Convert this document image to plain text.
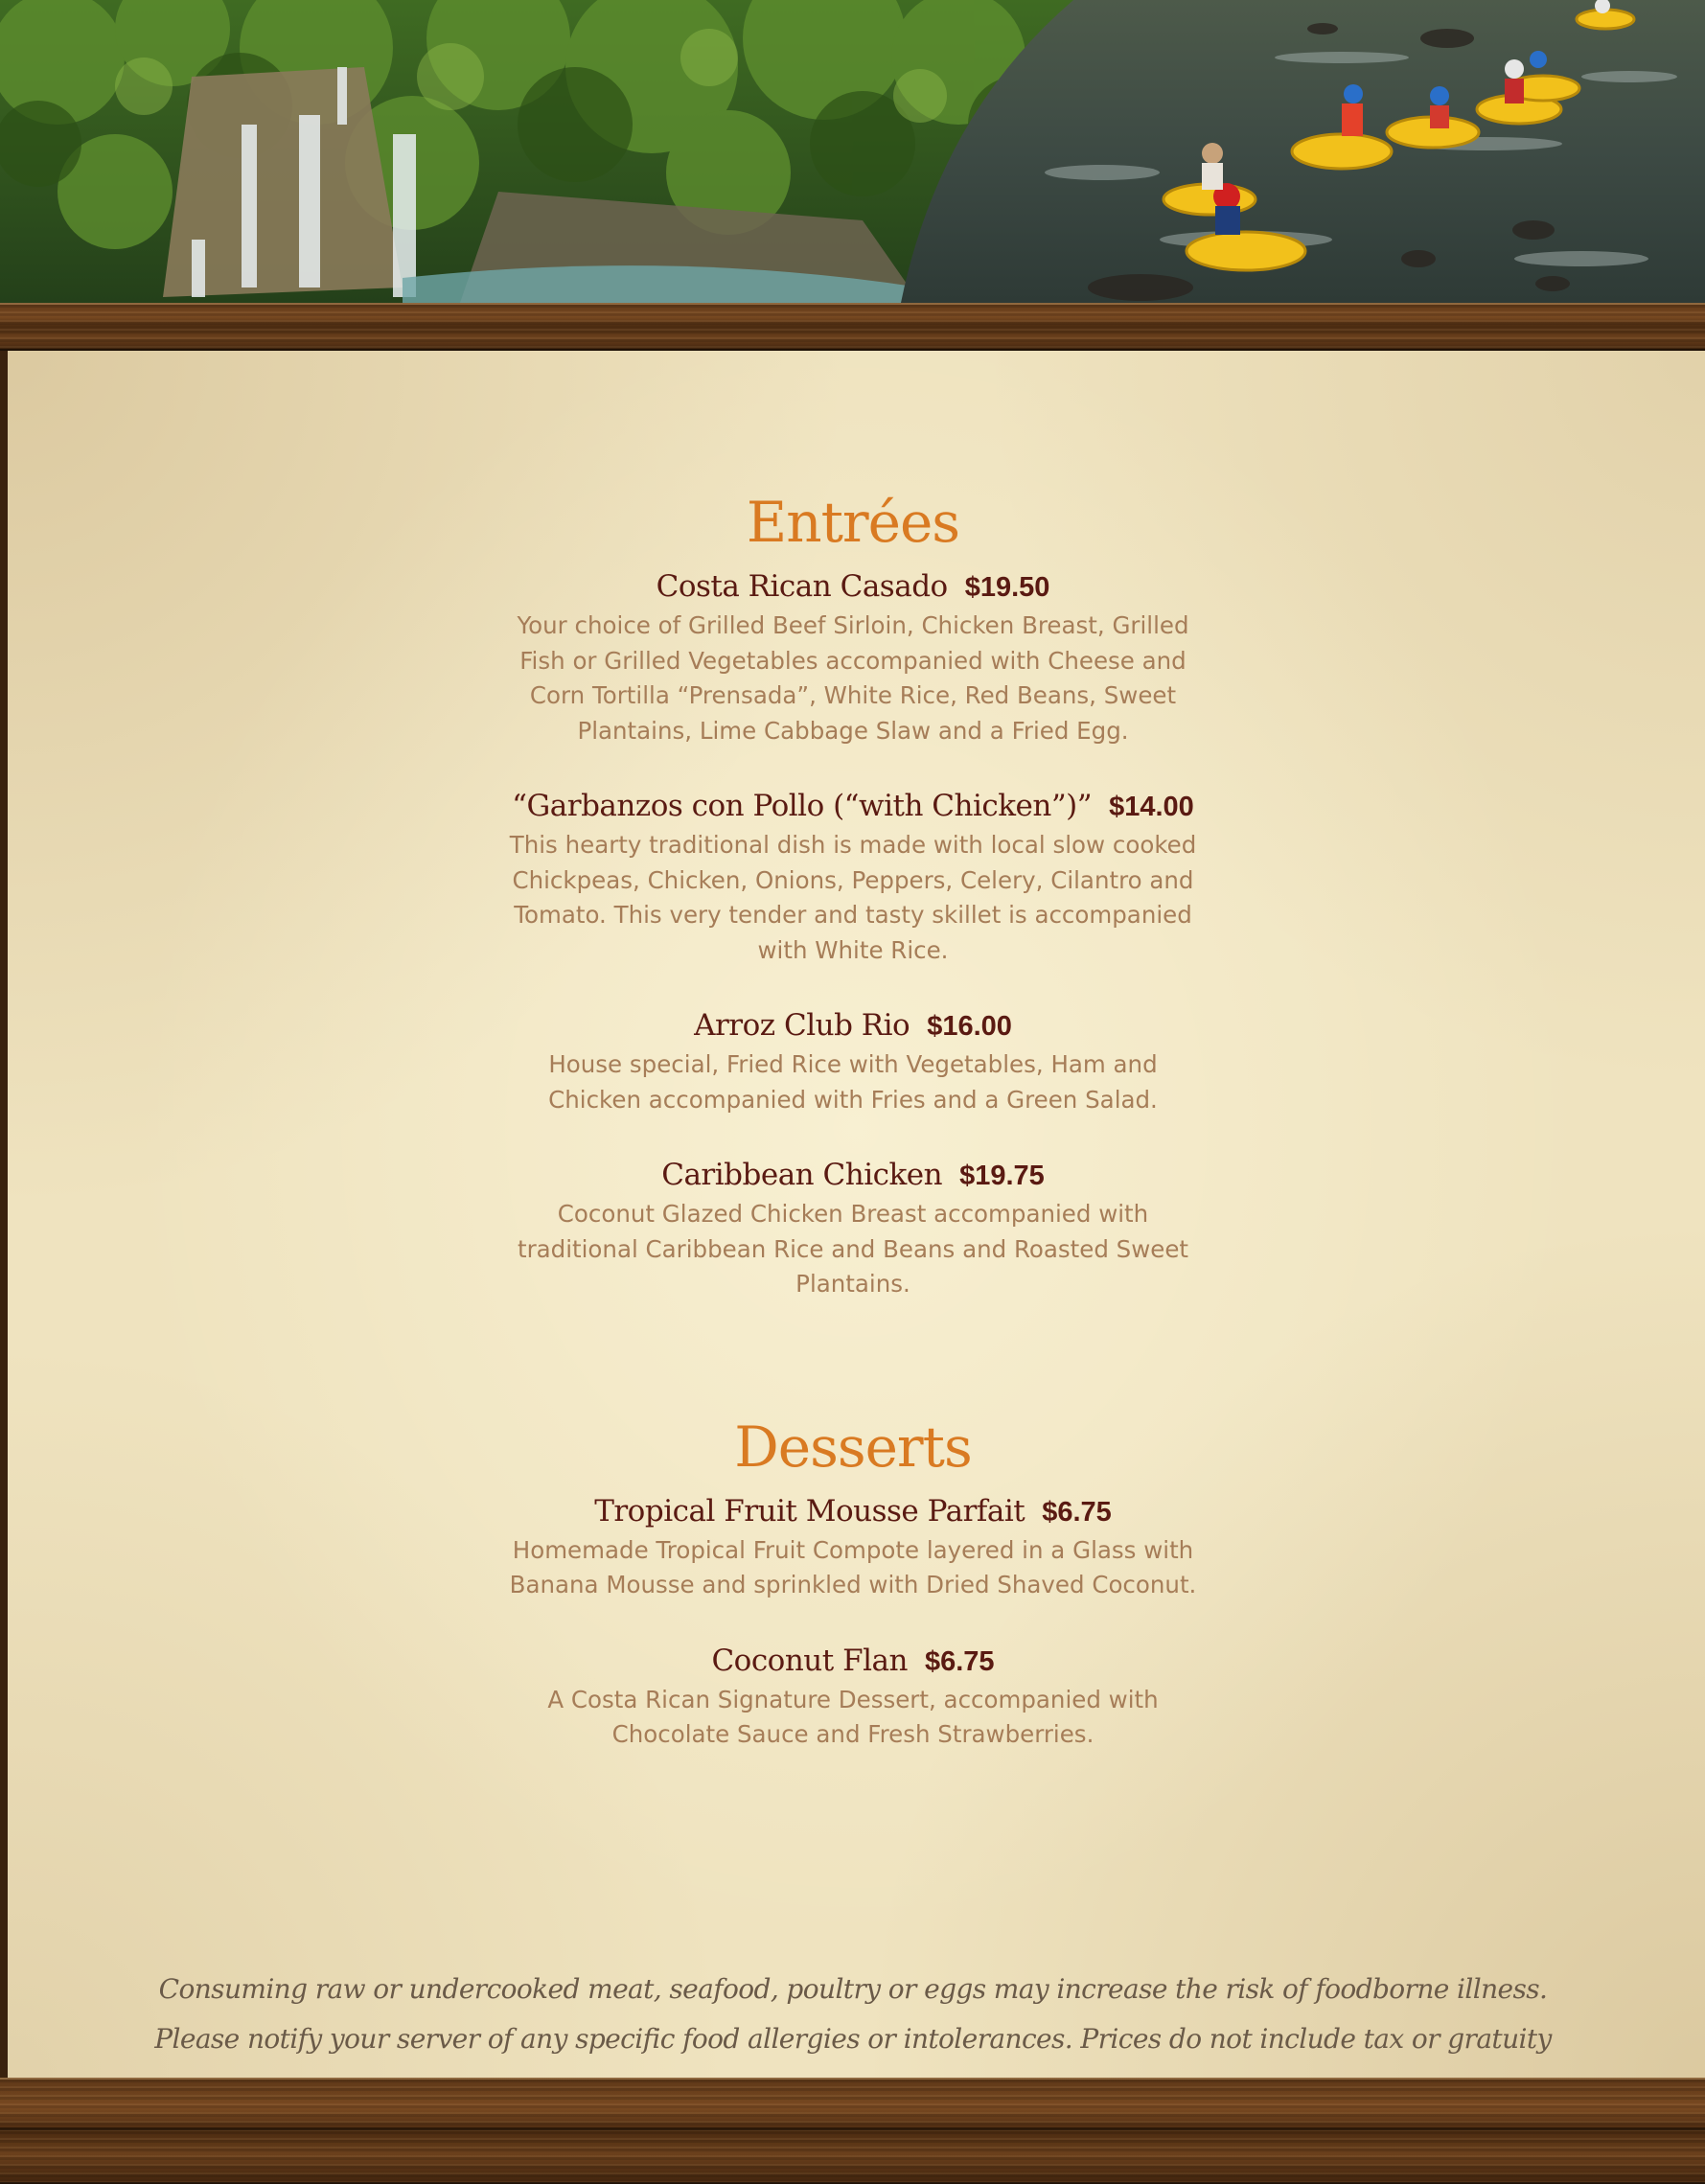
Entrées
Costa Rican Casado $19.50
Your choice of Grilled Beef Sirloin, Chicken Breast, Grilled Fish or Grilled Vegetables accompanied with Cheese and Corn Tortilla “Prensada”, White Rice, Red Beans, Sweet Plantains, Lime Cabbage Slaw and a Fried Egg.
“Garbanzos con Pollo (“with Chicken”)” $14.00
This hearty traditional dish is made with local slow cooked Chickpeas, Chicken, Onions, Peppers, Celery, Cilantro and Tomato. This very tender and tasty skillet is accompanied with White Rice.
Arroz Club Rio $16.00
House special, Fried Rice with Vegetables, Ham and Chicken accompanied with Fries and a Green Salad.
Caribbean Chicken $19.75
Coconut Glazed Chicken Breast accompanied with traditional Caribbean Rice and Beans and Roasted Sweet Plantains.
Desserts
Tropical Fruit Mousse Parfait $6.75
Homemade Tropical Fruit Compote layered in a Glass with Banana Mousse and sprinkled with Dried Shaved Coconut.
Coconut Flan $6.75
A Costa Rican Signature Dessert, accompanied with Chocolate Sauce and Fresh Strawberries.
Consuming raw or undercooked meat, seafood, poultry or eggs may increase the risk of foodborne illness.
Please notify your server of any specific food allergies or intolerances. Prices do not include tax or gratuity
